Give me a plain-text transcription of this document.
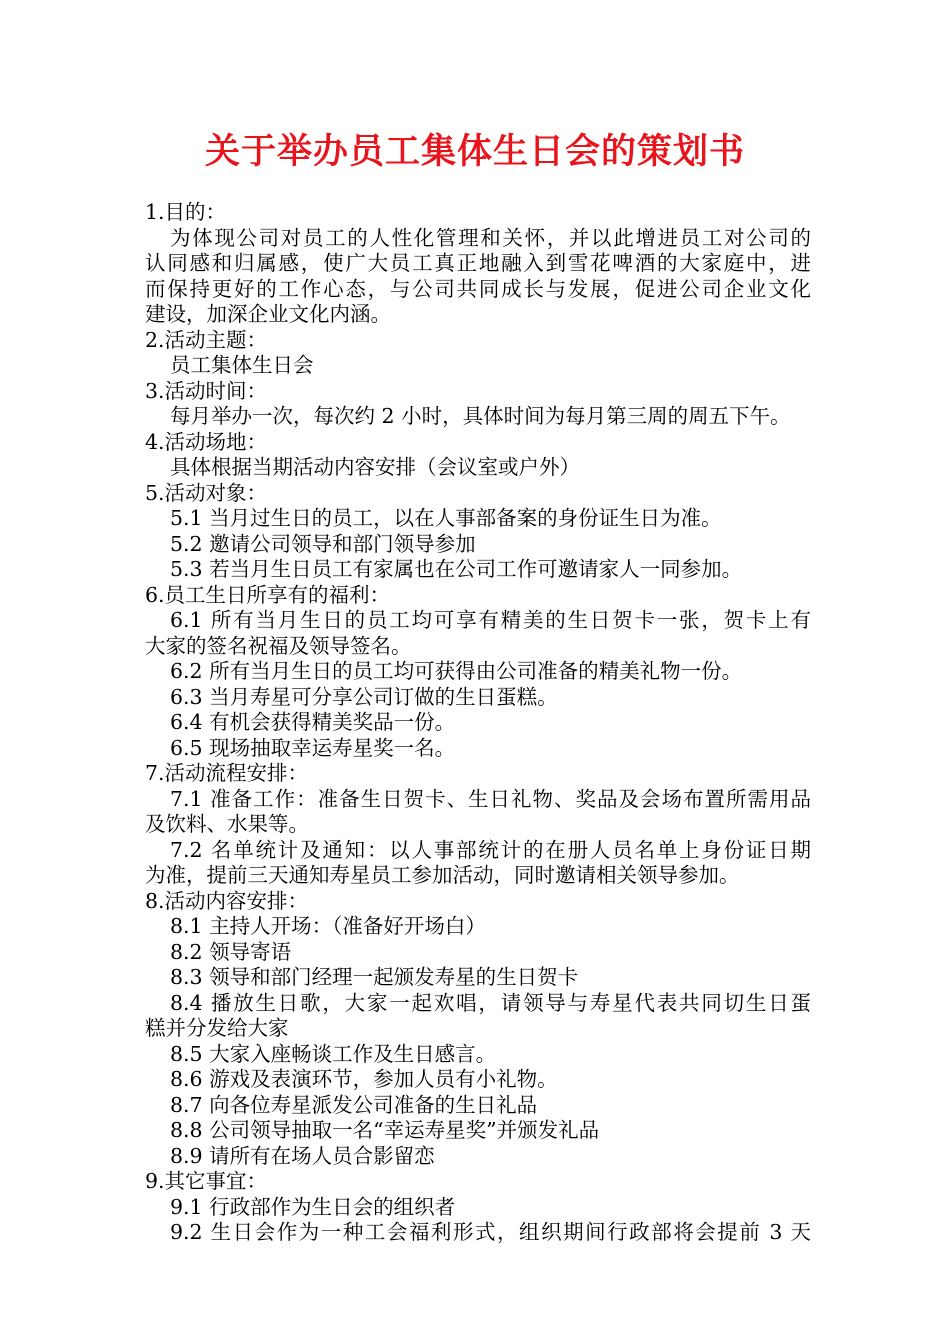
关于举办员工集体生日会的策划书
1.目的：
为体现公司对员工的人性化管理和关怀，并以此增进员工对公司的
认同感和归属感，使广大员工真正地融入到雪花啤酒的大家庭中，进
而保持更好的工作心态，与公司共同成长与发展，促进公司企业文化
建设，加深企业文化内涵。
2.活动主题：
员工集体生日会
3.活动时间：
每月举办一次，每次约 2 小时，具体时间为每月第三周的周五下午。
4.活动场地：
具体根据当期活动内容安排（会议室或户外）
5.活动对象：
5.1 当月过生日的员工，以在人事部备案的身份证生日为准。
5.2 邀请公司领导和部门领导参加
5.3 若当月生日员工有家属也在公司工作可邀请家人一同参加。
6.员工生日所享有的福利：
6.1 所有当月生日的员工均可享有精美的生日贺卡一张，贺卡上有
大家的签名祝福及领导签名。
6.2 所有当月生日的员工均可获得由公司准备的精美礼物一份。
6.3 当月寿星可分享公司订做的生日蛋糕。
6.4 有机会获得精美奖品一份。
6.5 现场抽取幸运寿星奖一名。
7.活动流程安排：
7.1 准备工作：准备生日贺卡、生日礼物、奖品及会场布置所需用品
及饮料、水果等。
7.2 名单统计及通知：以人事部统计的在册人员名单上身份证日期
为准，提前三天通知寿星员工参加活动，同时邀请相关领导参加。
8.活动内容安排：
8.1 主持人开场：（准备好开场白）
8.2 领导寄语
8.3 领导和部门经理一起颁发寿星的生日贺卡
8.4 播放生日歌，大家一起欢唱，请领导与寿星代表共同切生日蛋
糕并分发给大家
8.5 大家入座畅谈工作及生日感言。
8.6 游戏及表演环节，参加人员有小礼物。
8.7 向各位寿星派发公司准备的生日礼品
8.8 公司领导抽取一名“幸运寿星奖”并颁发礼品
8.9 请所有在场人员合影留恋
9.其它事宜：
9.1 行政部作为生日会的组织者
9.2 生日会作为一种工会福利形式，组织期间行政部将会提前 3 天
